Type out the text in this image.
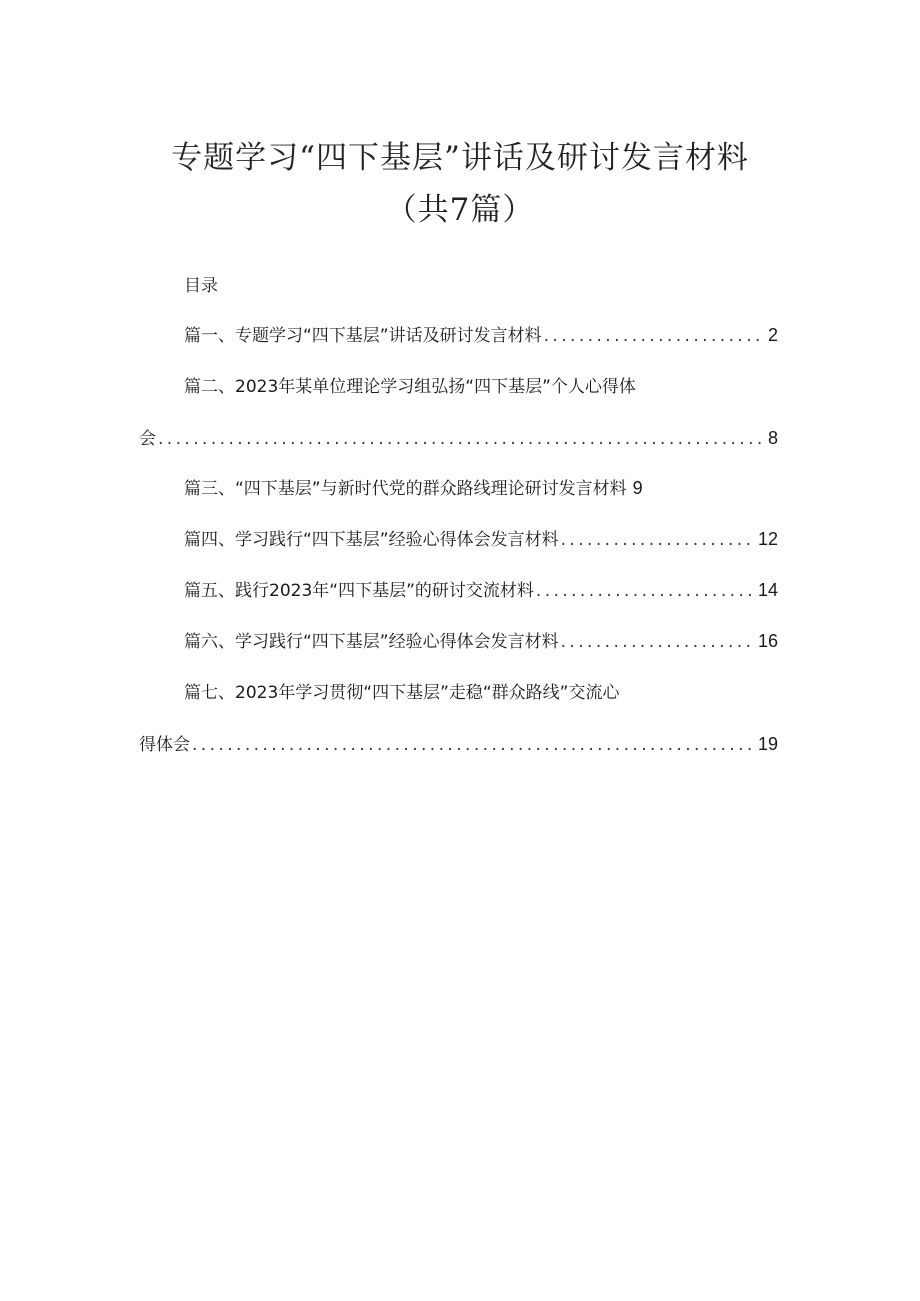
专题学习“四下基层”讲话及研讨发言材料
（共7篇）
目录
篇一、专题学习“四下基层”讲话及研讨发言材料 . . .	2
篇二、2023年某单位理论学习组弘扬“四下基层”个人心得体
会 . . .	8
篇三、“四下基层”与新时代党的群众路线理论研讨发言材料 9
篇四、学习践行“四下基层”经验心得体会发言材料 . . .	12
篇五、践行2023年“四下基层”的研讨交流材料 . . .	14
篇六、学习践行“四下基层”经验心得体会发言材料 . . .	16
篇七、2023年学习贯彻“四下基层”走稳“群众路线”交流心
得体会 . . .	19
